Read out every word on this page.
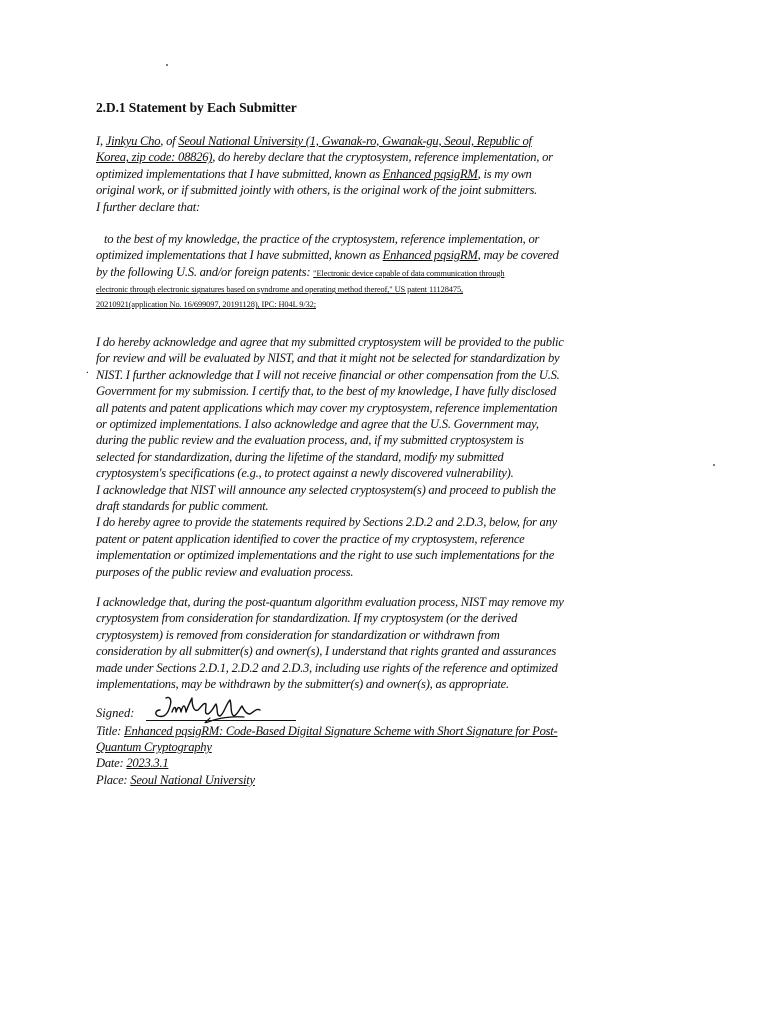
2.D.1 Statement by Each Submitter
I, Jinkyu Cho, of Seoul National University (1, Gwanak-ro, Gwanak-gu, Seoul, Republic of
Korea, zip code: 08826), do hereby declare that the cryptosystem, reference implementation, or
optimized implementations that I have submitted, known as Enhanced pqsigRM, is my own
original work, or if submitted jointly with others, is the original work of the joint submitters.
I further declare that:
to the best of my knowledge, the practice of the cryptosystem, reference implementation, or
optimized implementations that I have submitted, known as Enhanced pqsigRM, may be covered
by the following U.S. and/or foreign patents: "Electronic device capable of data communication through
electronic through electronic signatures based on syndrome and operating method thereof," US patent 11128475,
20210921(application No. 16/699097, 20191128), IPC: H04L 9/32;
.
I do hereby acknowledge and agree that my submitted cryptosystem will be provided to the public
for review and will be evaluated by NIST, and that it might not be selected for standardization by
NIST. I further acknowledge that I will not receive financial or other compensation from the U.S.
Government for my submission. I certify that, to the best of my knowledge, I have fully disclosed
all patents and patent applications which may cover my cryptosystem, reference implementation
or optimized implementations. I also acknowledge and agree that the U.S. Government may,
during the public review and the evaluation process, and, if my submitted cryptosystem is
selected for standardization, during the lifetime of the standard, modify my submitted
cryptosystem's specifications (e.g., to protect against a newly discovered vulnerability).
I acknowledge that NIST will announce any selected cryptosystem(s) and proceed to publish the
draft standards for public comment.
I do hereby agree to provide the statements required by Sections 2.D.2 and 2.D.3, below, for any
patent or patent application identified to cover the practice of my cryptosystem, reference
implementation or optimized implementations and the right to use such implementations for the
purposes of the public review and evaluation process.
I acknowledge that, during the post-quantum algorithm evaluation process, NIST may remove my
cryptosystem from consideration for standardization. If my cryptosystem (or the derived
cryptosystem) is removed from consideration for standardization or withdrawn from
consideration by all submitter(s) and owner(s), I understand that rights granted and assurances
made under Sections 2.D.1, 2.D.2 and 2.D.3, including use rights of the reference and optimized
implementations, may be withdrawn by the submitter(s) and owner(s), as appropriate.
Signed:
Title: Enhanced pqsigRM: Code-Based Digital Signature Scheme with Short Signature for Post-
Quantum Cryptography
Date: 2023.3.1
Place: Seoul National University
